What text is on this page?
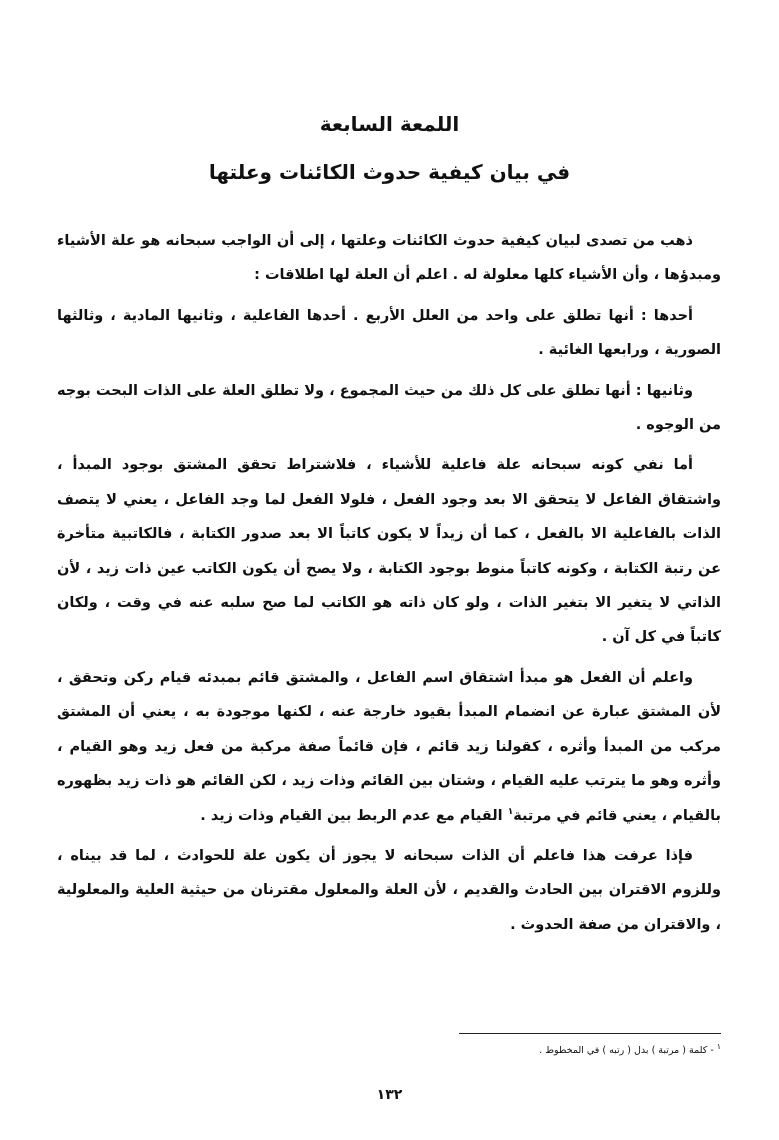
اللمعة السابعة
في بيان كيفية حدوث الكائنات وعلتها

ذهب من تصدى لبيان كيفية حدوث الكائنات وعلتها ، إلى أن الواجب سبحانه هو علة الأشياء ومبدؤها ، وأن الأشياء كلها معلولة له . اعلم أن العلة لها اطلاقات :

أحدها : أنها تطلق على واحد من العلل الأربع . أحدها الفاعلية ، وثانيها المادية ، وثالثها الصورية ، ورابعها الغائية .

وثانيها : أنها تطلق على كل ذلك من حيث المجموع ، ولا تطلق العلة على الذات البحت بوجه من الوجوه .

أما نفي كونه سبحانه علة فاعلية للأشياء ، فلاشتراط تحقق المشتق بوجود المبدأ ، واشتقاق الفاعل لا يتحقق الا بعد وجود الفعل ، فلولا الفعل لما وجد الفاعل ، يعني لا يتصف الذات بالفاعلية الا بالفعل ، كما أن زيداً لا يكون كاتباً الا بعد صدور الكتابة ، فالكاتبية متأخرة عن رتبة الكتابة ، وكونه كاتباً منوط بوجود الكتابة ، ولا يصح أن يكون الكاتب عين ذات زيد ، لأن الذاتي لا يتغير الا بتغير الذات ، ولو كان ذاته هو الكاتب لما صح سلبه عنه في وقت ، ولكان كاتباً في كل آن .

واعلم أن الفعل هو مبدأ اشتقاق اسم الفاعل ، والمشتق قائم بمبدئه قيام ركن وتحقق ، لأن المشتق عبارة عن انضمام المبدأ بقيود خارجة عنه ، لكنها موجودة به ، يعني أن المشتق مركب من المبدأ وأثره ، كقولنا زيد قائم ، فإن قائماً صفة مركبة من فعل زيد وهو القيام ، وأثره وهو ما يترتب عليه القيام ، وشتان بين القائم وذات زيد ، لكن القائم هو ذات زيد بظهوره بالقيام ، يعني قائم في مرتبة$^١$ القيام مع عدم الربط بين القيام وذات زيد .

فإذا عرفت هذا فاعلم أن الذات سبحانه لا يجوز أن يكون علة للحوادث ، لما قد بيناه ، وللزوم الاقتران بين الحادث والقديم ، لأن العلة والمعلول مقترنان من حيثية العلية والمعلولية ، والاقتران من صفة الحدوث .

$^١$ - كلمة ( مرتبة ) بدل ( رتبه ) في المخطوط .
١٣٢
